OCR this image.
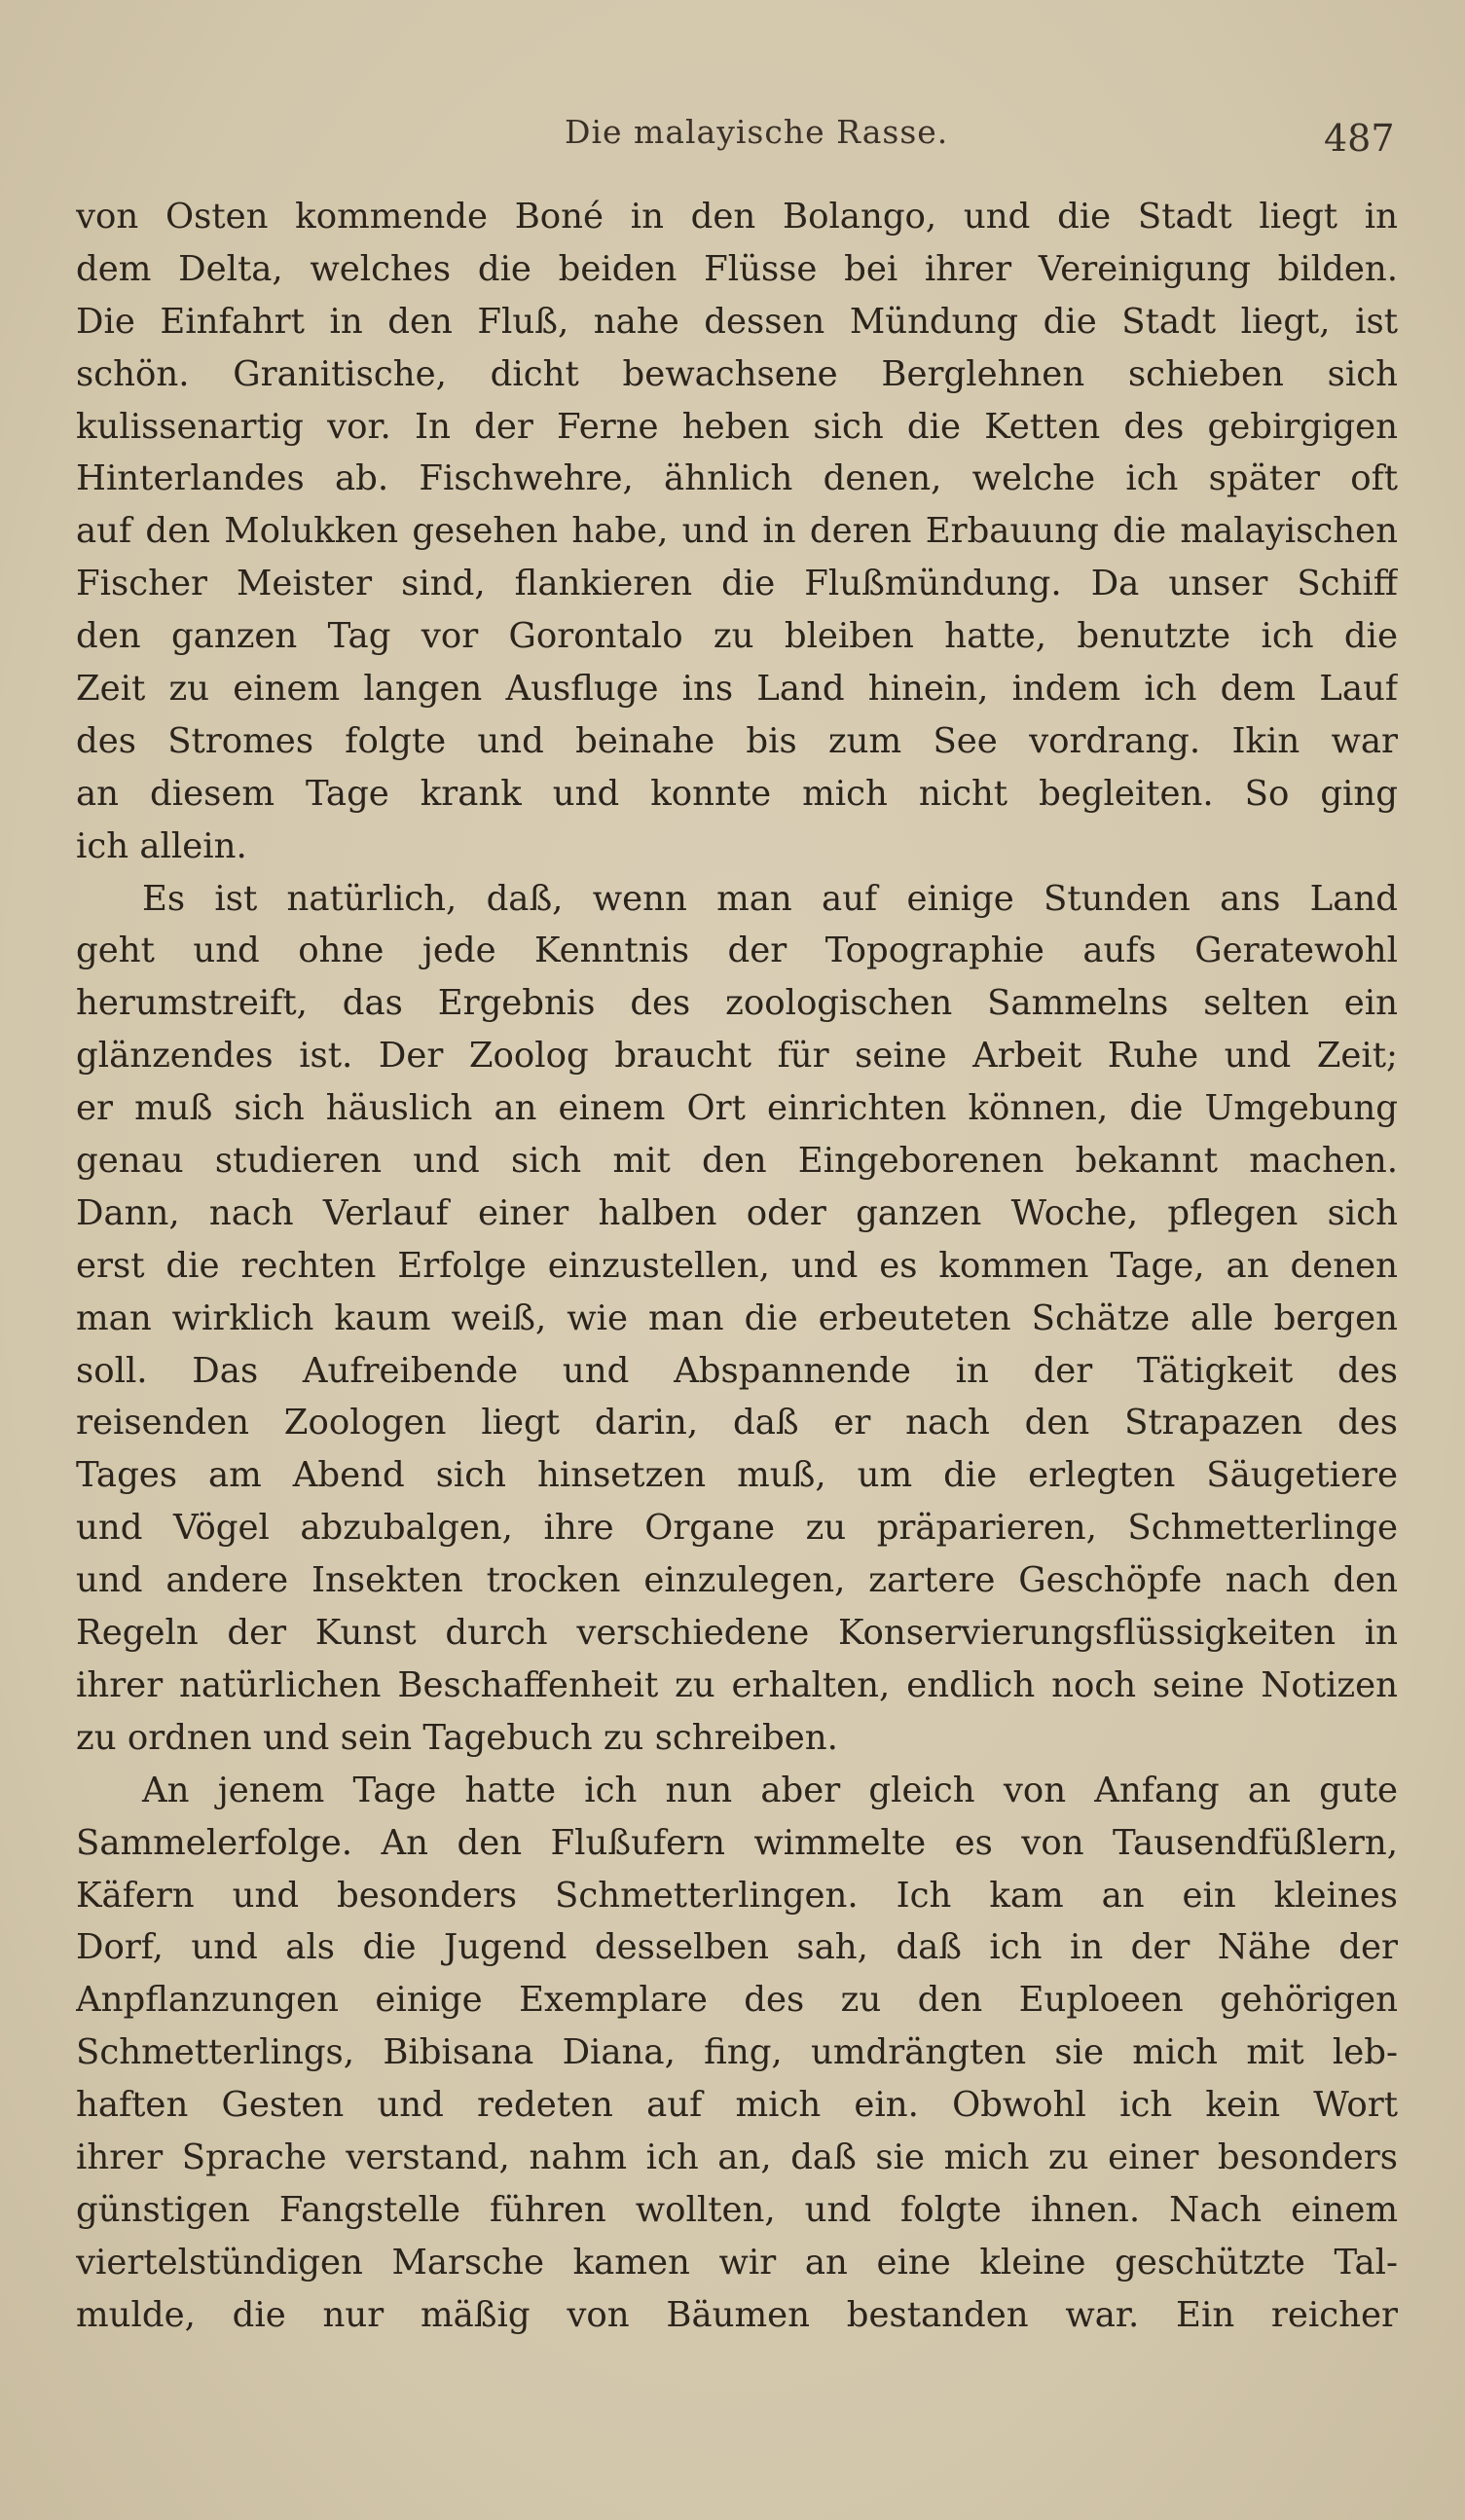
Die malayische Rasse.	487
von Osten kommende Boné in den Bolango, und die Stadt liegt in
dem Delta, welches die beiden Flüsse bei ihrer Vereinigung bilden.
Die Einfahrt in den Fluß, nahe dessen Mündung die Stadt liegt, ist
schön. Granitische, dicht bewachsene Berglehnen schieben sich
kulissenartig vor. In der Ferne heben sich die Ketten des gebirgigen
Hinterlandes ab. Fischwehre, ähnlich denen, welche ich später oft
auf den Molukken gesehen habe, und in deren Erbauung die malayischen
Fischer Meister sind, flankieren die Flußmündung. Da unser Schiff
den ganzen Tag vor Gorontalo zu bleiben hatte, benutzte ich die
Zeit zu einem langen Ausfluge ins Land hinein, indem ich dem Lauf
des Stromes folgte und beinahe bis zum See vordrang. Ikin war
an diesem Tage krank und konnte mich nicht begleiten. So ging
ich allein.
Es ist natürlich, daß, wenn man auf einige Stunden ans Land
geht und ohne jede Kenntnis der Topographie aufs Geratewohl
herumstreift, das Ergebnis des zoologischen Sammelns selten ein
glänzendes ist. Der Zoolog braucht für seine Arbeit Ruhe und Zeit;
er muß sich häuslich an einem Ort einrichten können, die Umgebung
genau studieren und sich mit den Eingeborenen bekannt machen.
Dann, nach Verlauf einer halben oder ganzen Woche, pflegen sich
erst die rechten Erfolge einzustellen, und es kommen Tage, an denen
man wirklich kaum weiß, wie man die erbeuteten Schätze alle bergen
soll. Das Aufreibende und Abspannende in der Tätigkeit des
reisenden Zoologen liegt darin, daß er nach den Strapazen des
Tages am Abend sich hinsetzen muß, um die erlegten Säugetiere
und Vögel abzubalgen, ihre Organe zu präparieren, Schmetterlinge
und andere Insekten trocken einzulegen, zartere Geschöpfe nach den
Regeln der Kunst durch verschiedene Konservierungsflüssigkeiten in
ihrer natürlichen Beschaffenheit zu erhalten, endlich noch seine Notizen
zu ordnen und sein Tagebuch zu schreiben.
An jenem Tage hatte ich nun aber gleich von Anfang an gute
Sammelerfolge. An den Flußufern wimmelte es von Tausendfüßlern,
Käfern und besonders Schmetterlingen. Ich kam an ein kleines
Dorf, und als die Jugend desselben sah, daß ich in der Nähe der
Anpflanzungen einige Exemplare des zu den Euploeen gehörigen
Schmetterlings, Bibisana Diana, fing, umdrängten sie mich mit leb-
haften Gesten und redeten auf mich ein. Obwohl ich kein Wort
ihrer Sprache verstand, nahm ich an, daß sie mich zu einer besonders
günstigen Fangstelle führen wollten, und folgte ihnen. Nach einem
viertelstündigen Marsche kamen wir an eine kleine geschützte Tal-
mulde, die nur mäßig von Bäumen bestanden war. Ein reicher
